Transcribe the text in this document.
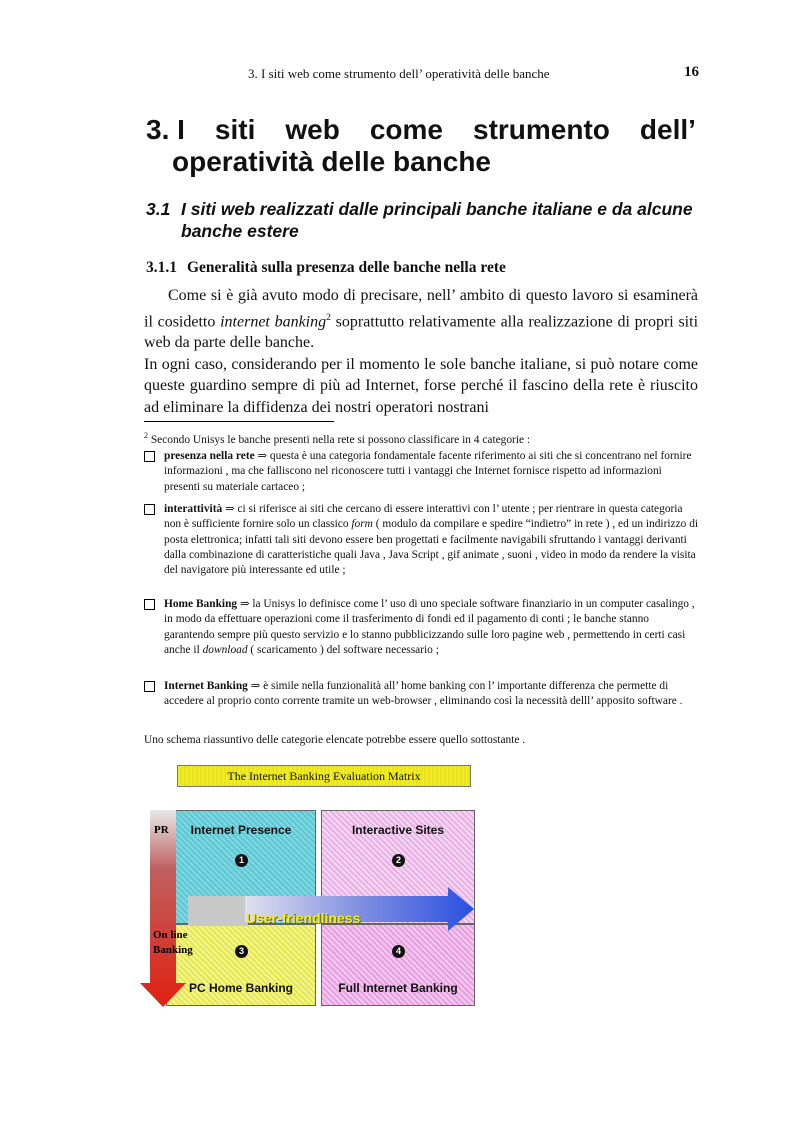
3. I siti web come strumento dell’ operatività delle banche	16
3. I siti web come strumento dell’
operatività delle banche
3.1 I siti web realizzati dalle principali banche italiane e da alcune
banche estere
3.1.1 Generalità sulla presenza delle banche nella rete

Come si è già avuto modo di precisare, nell’ ambito di questo lavoro si esaminerà il cosidetto internet banking$^2$ soprattutto relativamente alla realizzazione di propri siti web da parte delle banche.

In ogni caso, considerando per il momento le sole banche italiane, si può notare come queste guardino sempre di più ad Internet, forse perché il fascino della rete è riuscito ad eliminare la diffidenza dei nostri operatori nostrani

$^2$ Secondo Unisys le banche presenti nella rete si possono classificare in 4 categorie :
presenza nella rete ⇒ questa è una categoria fondamentale facente riferimento ai siti che si concentrano nel fornire informazioni , ma che falliscono nel riconoscere tutti i vantaggi che Internet fornisce rispetto ad informazioni presenti su materiale cartaceo ;
interattività ⇒ ci si riferisce ai siti che cercano di essere interattivi con l’ utente ; per rientrare in questa categoria non è sufficiente fornire solo un classico form ( modulo da compilare e spedire “indietro” in rete ) , ed un indirizzo di posta elettronica; infatti tali siti devono essere ben progettati e facilmente navigabili sfruttando i vantaggi derivanti dalla combinazione di caratteristiche quali Java , Java Script , gif animate , suoni , video in modo da rendere la visita del navigatore più interessante ed utile ;
Home Banking ⇒ la Unisys lo definisce come l’ uso di uno speciale software finanziario in un computer casalingo , in modo da effettuare operazioni come il trasferimento di fondi ed il pagamento di conti ; le banche stanno garantendo sempre più questo servizio e lo stanno pubblicizzando sulle loro pagine web , permettendo in certi casi anche il download ( scaricamento ) del software necessario ;
Internet Banking ⇒ è simile nella funzionalità all’ home banking con l’ importante differenza che permette di accedere al proprio conto corrente tramite un web-browser , eliminando così la necessità delll’ apposito software .
Uno schema riassuntivo delle categorie elencate potrebbe essere quello sottostante .
The Internet Banking Evaluation Matrix
Internet Presence
1
Interactive Sites
2
3
PC Home Banking
4
Full Internet Banking
PR
On line Banking
User-friendliness
